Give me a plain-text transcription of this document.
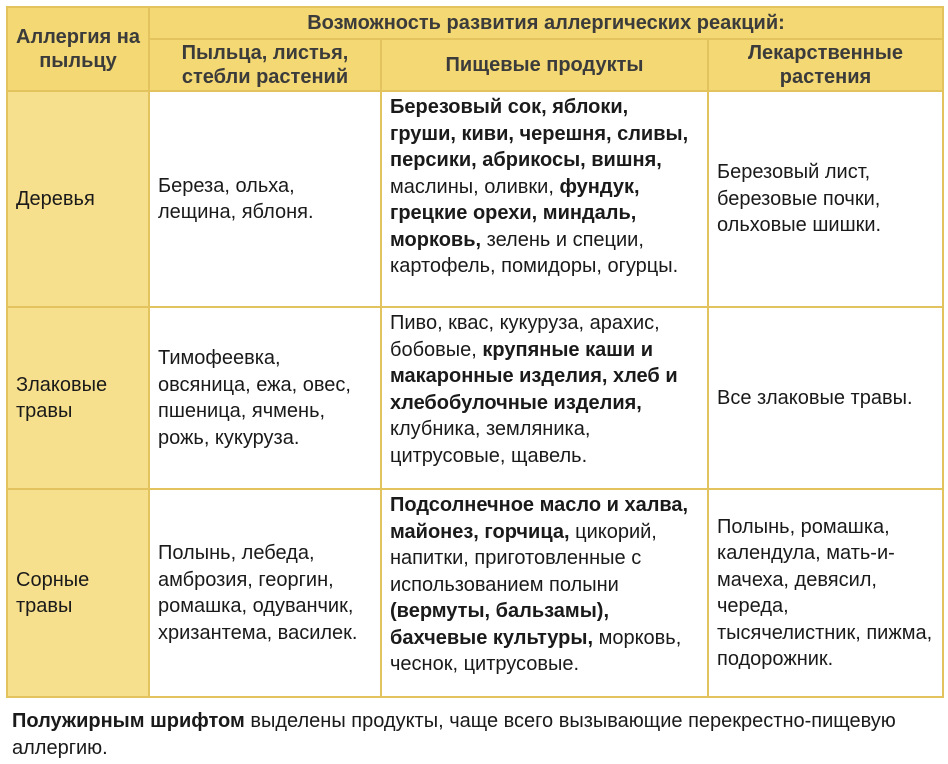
Аллергия на пыльцу	Возможность развития аллергических реакций:		
	Пыльца, листья, стебли растений	Пищевые продукты	Лекарственные растения
Деревья	Береза, ольха, лещина, яблоня.	Березовый сок, яблоки, груши, киви, черешня, сливы, персики, абрикосы, вишня, маслины, оливки, фундук, грецкие орехи, миндаль, морковь, зелень и специи, картофель, помидоры, огурцы.	Березовый лист, березовые почки, ольховые шишки.
Злаковые травы	Тимофеевка, овсяница, ежа, овес, пшеница, ячмень, рожь, кукуруза.	Пиво, квас, кукуруза, арахис, бобовые, крупяные каши и макаронные изделия, хлеб и хлебобулочные изделия, клубника, земляника, цитрусовые, щавель.	Все злаковые травы.
Сорные травы	Полынь, лебеда, амброзия, георгин, ромашка, одуванчик, хризантема, василек.	Подсолнечное масло и халва, майонез, горчица, цикорий, напитки, приготовленные с использованием полыни (вермуты, бальзамы), бахчевые культуры, морковь, чеснок, цитрусовые.	Полынь, ромашка, календула, мать-и-мачеха, девясил, череда, тысячелистник, пижма, подорожник.
Полужирным шрифтом выделены продукты, чаще всего вызывающие перекрестно-пищевую аллергию.
